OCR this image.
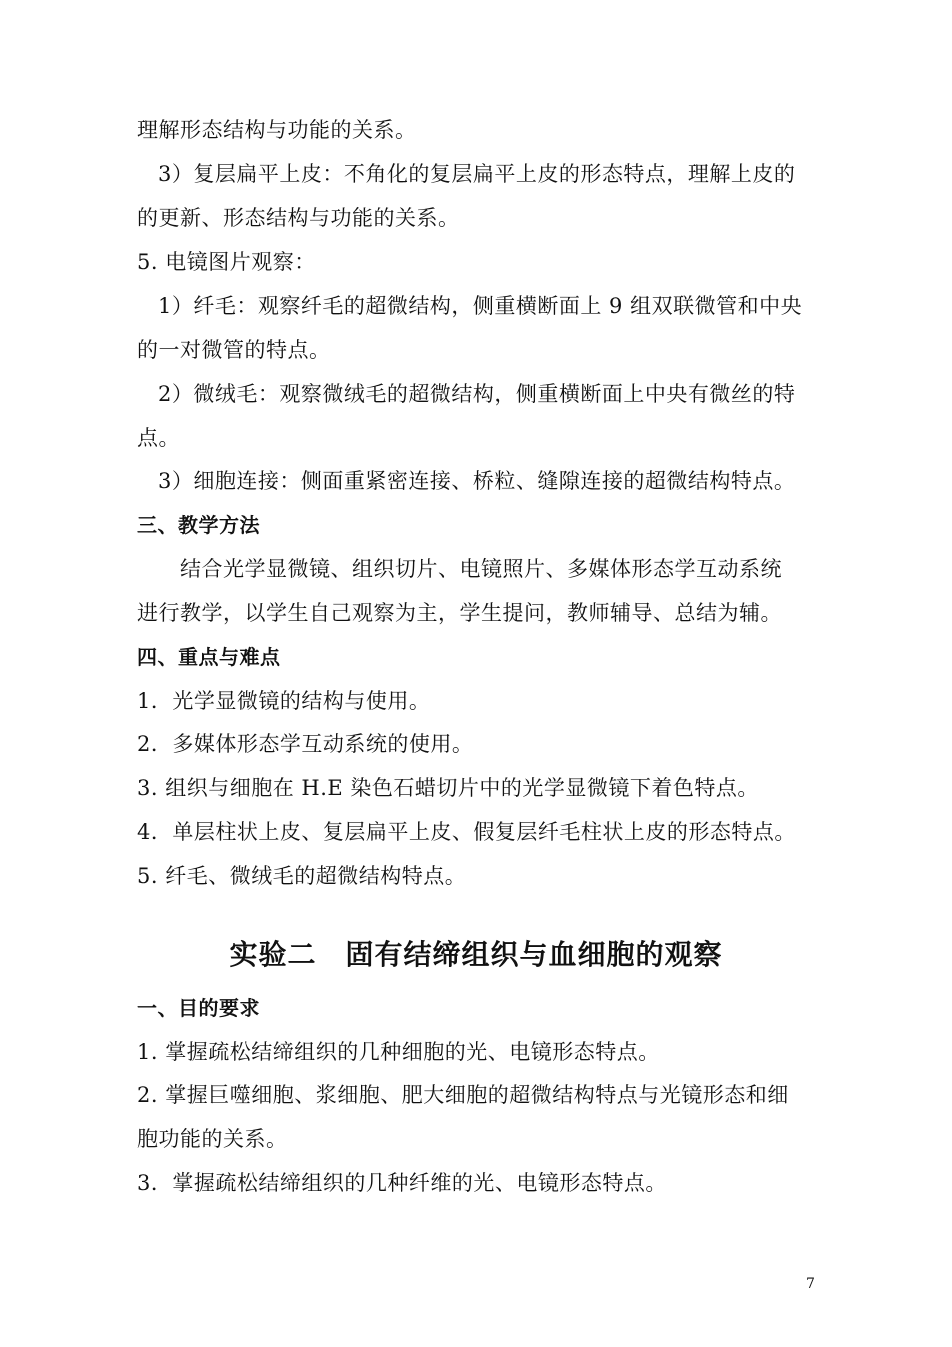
理解形态结构与功能的关系。
3）复层扁平上皮：不角化的复层扁平上皮的形态特点，理解上皮的
的更新、形态结构与功能的关系。
5. 电镜图片观察：
1）纤毛：观察纤毛的超微结构，侧重横断面上 9 组双联微管和中央
的一对微管的特点。
2）微绒毛：观察微绒毛的超微结构，侧重横断面上中央有微丝的特
点。
3）细胞连接：侧面重紧密连接、桥粒、缝隙连接的超微结构特点。
三、教学方法
结合光学显微镜、组织切片、电镜照片、多媒体形态学互动系统
进行教学，以学生自己观察为主，学生提问，教师辅导、总结为辅。
四、重点与难点
1．光学显微镜的结构与使用。
2．多媒体形态学互动系统的使用。
3. 组织与细胞在 H.E 染色石蜡切片中的光学显微镜下着色特点。
4．单层柱状上皮、复层扁平上皮、假复层纤毛柱状上皮的形态特点。
5. 纤毛、微绒毛的超微结构特点。
实验二　固有结缔组织与血细胞的观察
一、目的要求
1. 掌握疏松结缔组织的几种细胞的光、电镜形态特点。
2. 掌握巨噬细胞、浆细胞、肥大细胞的超微结构特点与光镜形态和细
胞功能的关系。
3．掌握疏松结缔组织的几种纤维的光、电镜形态特点。
7
